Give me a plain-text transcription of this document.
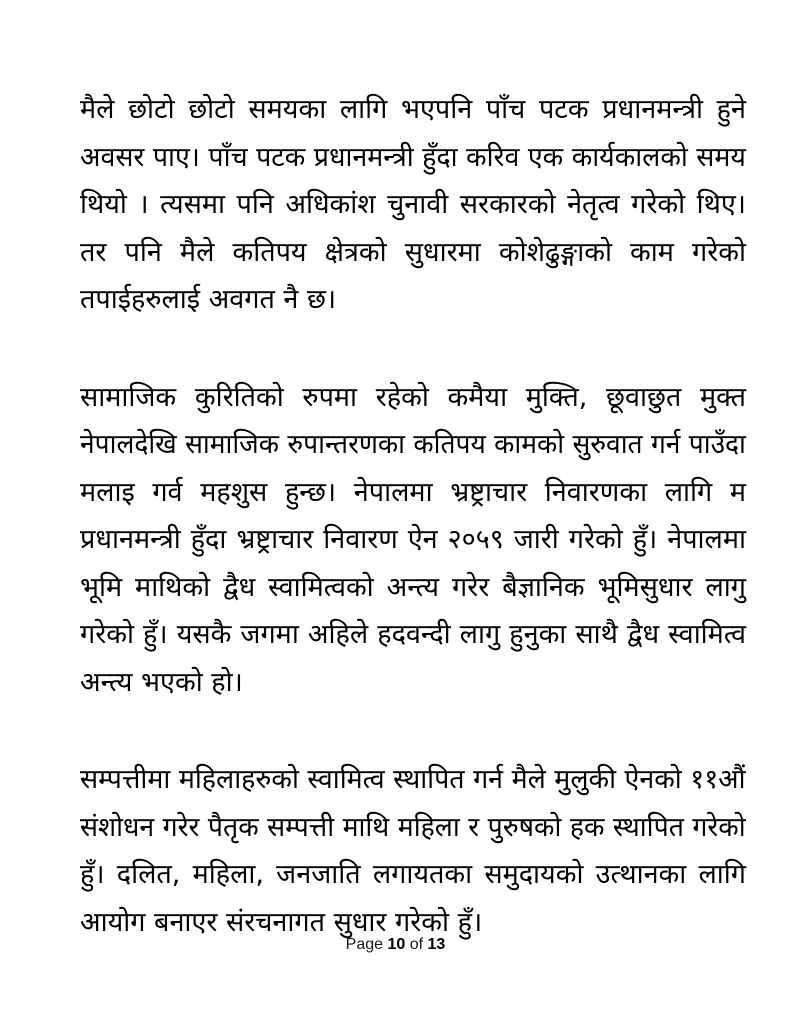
मैले छोटो छोटो समयका लागि भएपनि पाँच पटक प्रधानमन्त्री हुने
अवसर पाए। पाँच पटक प्रधानमन्त्री हुँदा करिव एक कार्यकालको समय
थियो । त्यसमा पनि अधिकांश चुनावी सरकारको नेतृत्व गरेको थिए।
तर पनि मैले कतिपय क्षेत्रको सुधारमा कोशेढुङ्गाको काम गरेको
तपाईहरुलाई अवगत नै छ।
सामाजिक कुरितिको रुपमा रहेको कमैया मुक्ति, छूवाछुत मुक्त
नेपालदेखि सामाजिक रुपान्तरणका कतिपय कामको सुरुवात गर्न पाउँदा
मलाइ गर्व महशुस हुन्छ। नेपालमा भ्रष्ट्राचार निवारणका लागि म
प्रधानमन्त्री हुँदा भ्रष्ट्राचार निवारण ऐन २०५९ जारी गरेको हुँ। नेपालमा
भूमि माथिको द्वैध स्वामित्वको अन्त्य गरेर बैज्ञानिक भूमिसुधार लागु
गरेको हुँ। यसकै जगमा अहिले हदवन्दी लागु हुनुका साथै द्वैध स्वामित्व
अन्त्य भएको हो।
सम्पत्तीमा महिलाहरुको स्वामित्व स्थापित गर्न मैले मुलुकी ऐनको ११औं
संशोधन गरेर पैतृक सम्पत्ती माथि महिला र पुरुषको हक स्थापित गरेको
हुँ। दलित, महिला, जनजाति लगायतका समुदायको उत्थानका लागि
आयोग बनाएर संरचनागत सुधार गरेको हुँ।
Page 10 of 13
